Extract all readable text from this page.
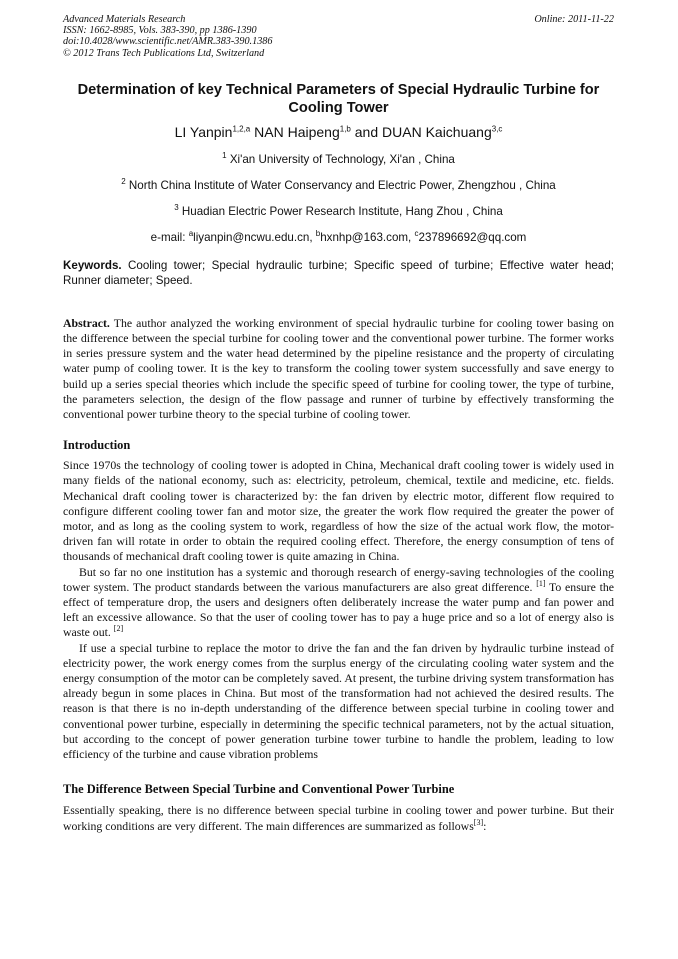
Advanced Materials Research
ISSN: 1662-8985, Vols. 383-390, pp 1386-1390
doi:10.4028/www.scientific.net/AMR.383-390.1386
© 2012 Trans Tech Publications Ltd, Switzerland
Online: 2011-11-22
Determination of key Technical Parameters of Special Hydraulic Turbine for Cooling Tower
LI Yanpin$^{1,2,a}$ NAN Haipeng$^{1,b}$ and DUAN Kaichuang$^{3,c}$
$^1$ Xi'an University of Technology, Xi'an , China
$^2$ North China Institute of Water Conservancy and Electric Power, Zhengzhou , China
$^3$ Huadian Electric Power Research Institute, Hang Zhou , China
e-mail: $^a$liyanpin@ncwu.edu.cn, $^b$hxnhp@163.com, $^c$237896692@qq.com
Keywords. Cooling tower; Special hydraulic turbine; Specific speed of turbine; Effective water head; Runner diameter; Speed.
Abstract. The author analyzed the working environment of special hydraulic turbine for cooling tower basing on the difference between the special turbine for cooling tower and the conventional power turbine. The former works in series pressure system and the water head determined by the pipeline resistance and the property of circulating water pump of cooling tower. It is the key to transform the cooling tower system successfully and save energy to build up a series special theories which include the specific speed of turbine for cooling tower, the type of turbine, the parameters selection, the design of the flow passage and runner of turbine by effectively transforming the conventional power turbine theory to the special turbine of cooling tower.
Introduction

Since 1970s the technology of cooling tower is adopted in China, Mechanical draft cooling tower is widely used in many fields of the national economy, such as: electricity, petroleum, chemical, textile and medicine, etc. fields. Mechanical draft cooling tower is characterized by: the fan driven by electric motor, different flow required to configure different cooling tower fan and motor size, the greater the work flow required the greater the power of motor, and as long as the cooling system to work, regardless of how the size of the actual work flow, the motor-driven fan will rotate in order to obtain the required cooling effect. Therefore, the energy consumption of tens of thousands of mechanical draft cooling tower is quite amazing in China.

But so far no one institution has a systemic and thorough research of energy-saving technologies of the cooling tower system. The product standards between the various manufacturers are also great difference. [1] To ensure the effect of temperature drop, the users and designers often deliberately increase the water pump and fan power and left an excessive allowance. So that the user of cooling tower has to pay a huge price and so a lot of energy also is waste out. [2]

If use a special turbine to replace the motor to drive the fan and the fan driven by hydraulic turbine instead of electricity power, the work energy comes from the surplus energy of the circulating cooling water system and the energy consumption of the motor can be completely saved. At present, the turbine driving system transformation has already begun in some places in China. But most of the transformation had not achieved the desired results. The reason is that there is no in-depth understanding of the difference between special turbine in cooling tower and conventional power turbine, especially in determining the specific technical parameters, not by the actual situation, but according to the concept of power generation turbine tower turbine to handle the problem, leading to low efficiency of the turbine and cause vibration problems

The Difference Between Special Turbine and Conventional Power Turbine

Essentially speaking, there is no difference between special turbine in cooling tower and power turbine. But their working conditions are very different. The main differences are summarized as follows[3]:
